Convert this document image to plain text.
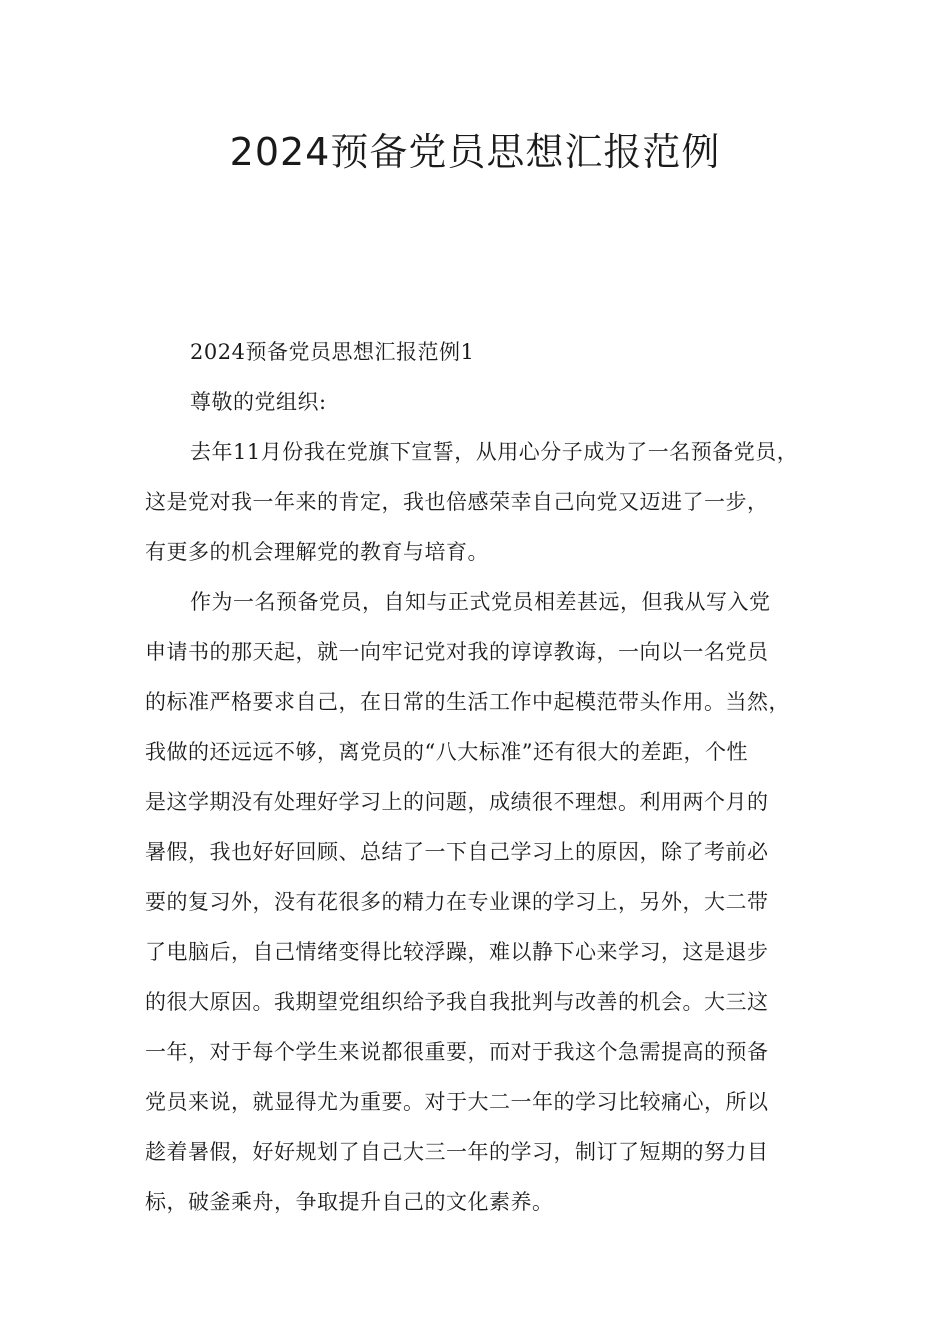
2024预备党员思想汇报范例
2024预备党员思想汇报范例1
尊敬的党组织:
去年11月份我在党旗下宣誓，从用心分子成为了一名预备党员，
这是党对我一年来的肯定，我也倍感荣幸自己向党又迈进了一步，
有更多的机会理解党的教育与培育。
作为一名预备党员，自知与正式党员相差甚远，但我从写入党
申请书的那天起，就一向牢记党对我的谆谆教诲，一向以一名党员
的标准严格要求自己，在日常的生活工作中起模范带头作用。当然，
我做的还远远不够，离党员的“八大标准”还有很大的差距，个性
是这学期没有处理好学习上的问题，成绩很不理想。利用两个月的
暑假，我也好好回顾、总结了一下自己学习上的原因，除了考前必
要的复习外，没有花很多的精力在专业课的学习上，另外，大二带
了电脑后，自己情绪变得比较浮躁，难以静下心来学习，这是退步
的很大原因。我期望党组织给予我自我批判与改善的机会。大三这
一年，对于每个学生来说都很重要，而对于我这个急需提高的预备
党员来说，就显得尤为重要。对于大二一年的学习比较痛心，所以
趁着暑假，好好规划了自己大三一年的学习，制订了短期的努力目
标，破釜乘舟，争取提升自己的文化素养。
